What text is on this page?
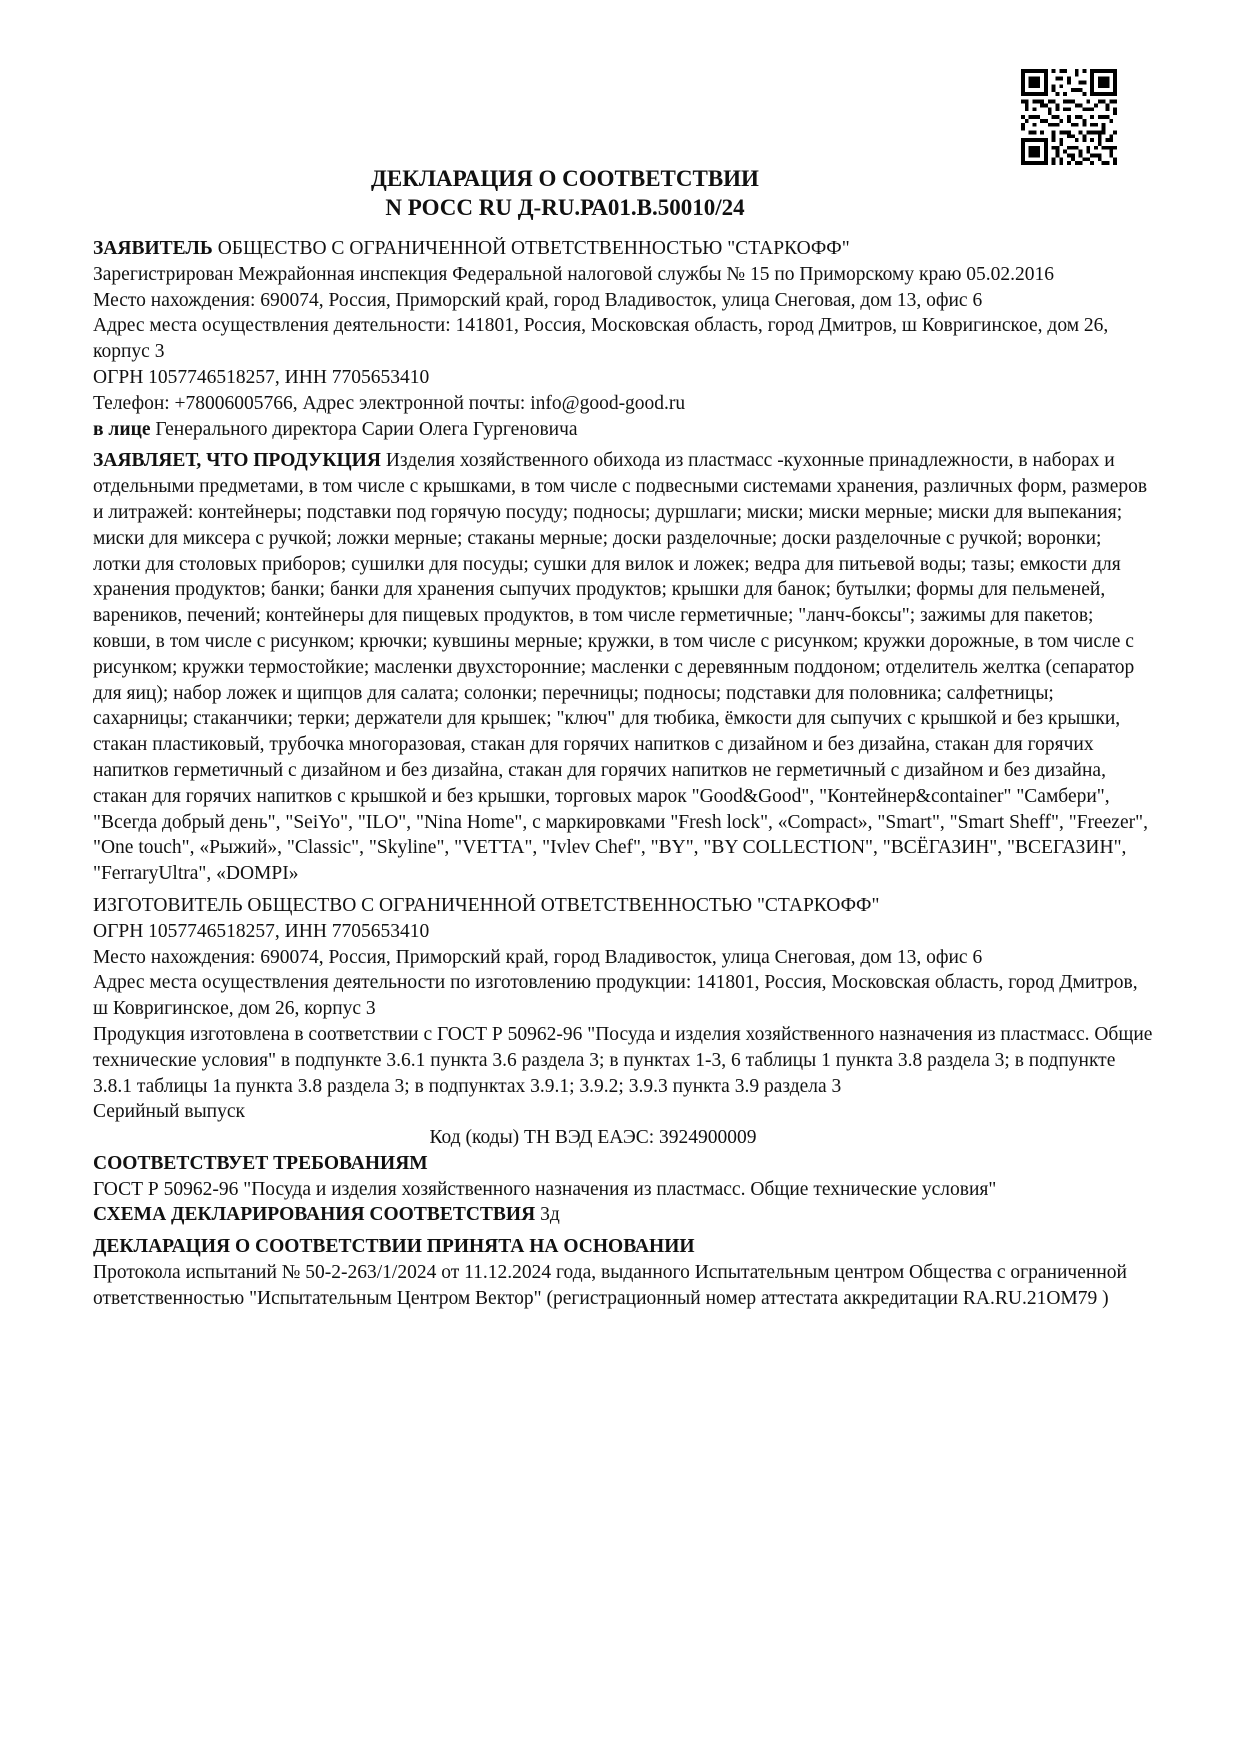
ДЕКЛАРАЦИЯ О СООТВЕТСТВИИ
N РОСС RU Д-RU.РА01.В.50010/24

ЗАЯВИТЕЛЬ ОБЩЕСТВО С ОГРАНИЧЕННОЙ ОТВЕТСТВЕННОСТЬЮ "СТАРКОФФ"

Зарегистрирован Межрайонная инспекция Федеральной налоговой службы № 15 по Приморскому краю 05.02.2016

Место нахождения: 690074, Россия, Приморский край, город Владивосток, улица Снеговая, дом 13, офис 6

Адрес места осуществления деятельности: 141801, Россия, Московская область, город Дмитров, ш Ковригинское, дом 26, корпус 3

ОГРН 1057746518257, ИНН 7705653410

Телефон: +78006005766, Адрес электронной почты: info@good-good.ru

в лице Генерального директора Сарии Олега Гургеновича

ЗАЯВЛЯЕТ, ЧТО ПРОДУКЦИЯ Изделия хозяйственного обихода из пластмасс -кухонные принадлежности, в наборах и отдельными предметами, в том числе с крышками, в том числе с подвесными системами хранения, различных форм, размеров и литражей: контейнеры; подставки под горячую посуду; подносы; дуршлаги; миски; миски мерные; миски для выпекания; миски для миксера с ручкой; ложки мерные; стаканы мерные; доски разделочные; доски разделочные с ручкой; воронки; лотки для столовых приборов; сушилки для посуды; сушки для вилок и ложек; ведра для питьевой воды; тазы; емкости для хранения продуктов; банки; банки для хранения сыпучих продуктов; крышки для банок; бутылки; формы для пельменей, вареников, печений; контейнеры для пищевых продуктов, в том числе герметичные; "ланч-боксы"; зажимы для пакетов; ковши, в том числе с рисунком; крючки; кувшины мерные; кружки, в том числе с рисунком; кружки дорожные, в том числе с рисунком; кружки термостойкие; масленки двухсторонние; масленки с деревянным поддоном; отделитель желтка (сепаратор для яиц); набор ложек и щипцов для салата; солонки; перечницы; подносы; подставки для половника; салфетницы; сахарницы; стаканчики; терки; держатели для крышек; "ключ" для тюбика, ёмкости для сыпучих с крышкой и без крышки, стакан пластиковый, трубочка многоразовая, стакан для горячих напитков с дизайном и без дизайна, стакан для горячих напитков герметичный с дизайном и без дизайна, стакан для горячих напитков не герметичный с дизайном и без дизайна, стакан для горячих напитков с крышкой и без крышки, торговых марок "Good&Good", "Контейнер&container" "Самбери", "Всегда добрый день", "SeiYo", "ILO", "Nina Home", с маркировками "Fresh lock", «Compact», "Smart", "Smart Sheff", "Freezer", "One touch", «Рыжий», "Classic", "Skyline", "VETTA", "Ivlev Chef", "BY", "BY COLLECTION", "ВСЁГАЗИН", "ВСЕГАЗИН", "FerraryUltra", «DOMPI»

ИЗГОТОВИТЕЛЬ ОБЩЕСТВО С ОГРАНИЧЕННОЙ ОТВЕТСТВЕННОСТЬЮ "СТАРКОФФ"

ОГРН 1057746518257, ИНН 7705653410

Место нахождения: 690074, Россия, Приморский край, город Владивосток, улица Снеговая, дом 13, офис 6

Адрес места осуществления деятельности по изготовлению продукции: 141801, Россия, Московская область, город Дмитров, ш Ковригинское, дом 26, корпус 3

Продукция изготовлена в соответствии с ГОСТ Р 50962-96 "Посуда и изделия хозяйственного назначения из пластмасс. Общие технические условия" в подпункте 3.6.1 пункта 3.6 раздела 3; в пунктах 1-3, 6 таблицы 1 пункта 3.8 раздела 3; в подпункте 3.8.1 таблицы 1а пункта 3.8 раздела 3; в подпунктах 3.9.1; 3.9.2; 3.9.3 пункта 3.9 раздела 3

Серийный выпуск

Код (коды) ТН ВЭД ЕАЭС: 3924900009

СООТВЕТСТВУЕТ ТРЕБОВАНИЯМ

ГОСТ Р 50962-96 "Посуда и изделия хозяйственного назначения из пластмасс. Общие технические условия"

СХЕМА ДЕКЛАРИРОВАНИЯ СООТВЕТСТВИЯ 3д

ДЕКЛАРАЦИЯ О СООТВЕТСТВИИ ПРИНЯТА НА ОСНОВАНИИ

Протокола испытаний № 50-2-263/1/2024 от 11.12.2024 года, выданного Испытательным центром Общества с ограниченной ответственностью "Испытательным Центром Вектор" (регистрационный номер аттестата аккредитации RA.RU.21ОМ79 )
